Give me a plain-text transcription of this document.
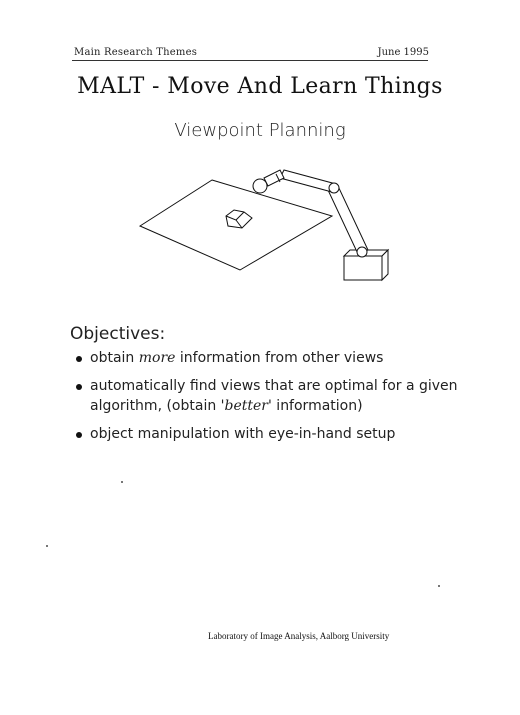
Main Research Themes	June 1995
MALT - Move And Learn Things
Viewpoint Planning
Objectives:
obtain more information from other views
automatically find views that are optimal for a given algorithm, (obtain 'better' information)
object manipulation with eye-in-hand setup
Laboratory of Image Analysis, Aalborg University
